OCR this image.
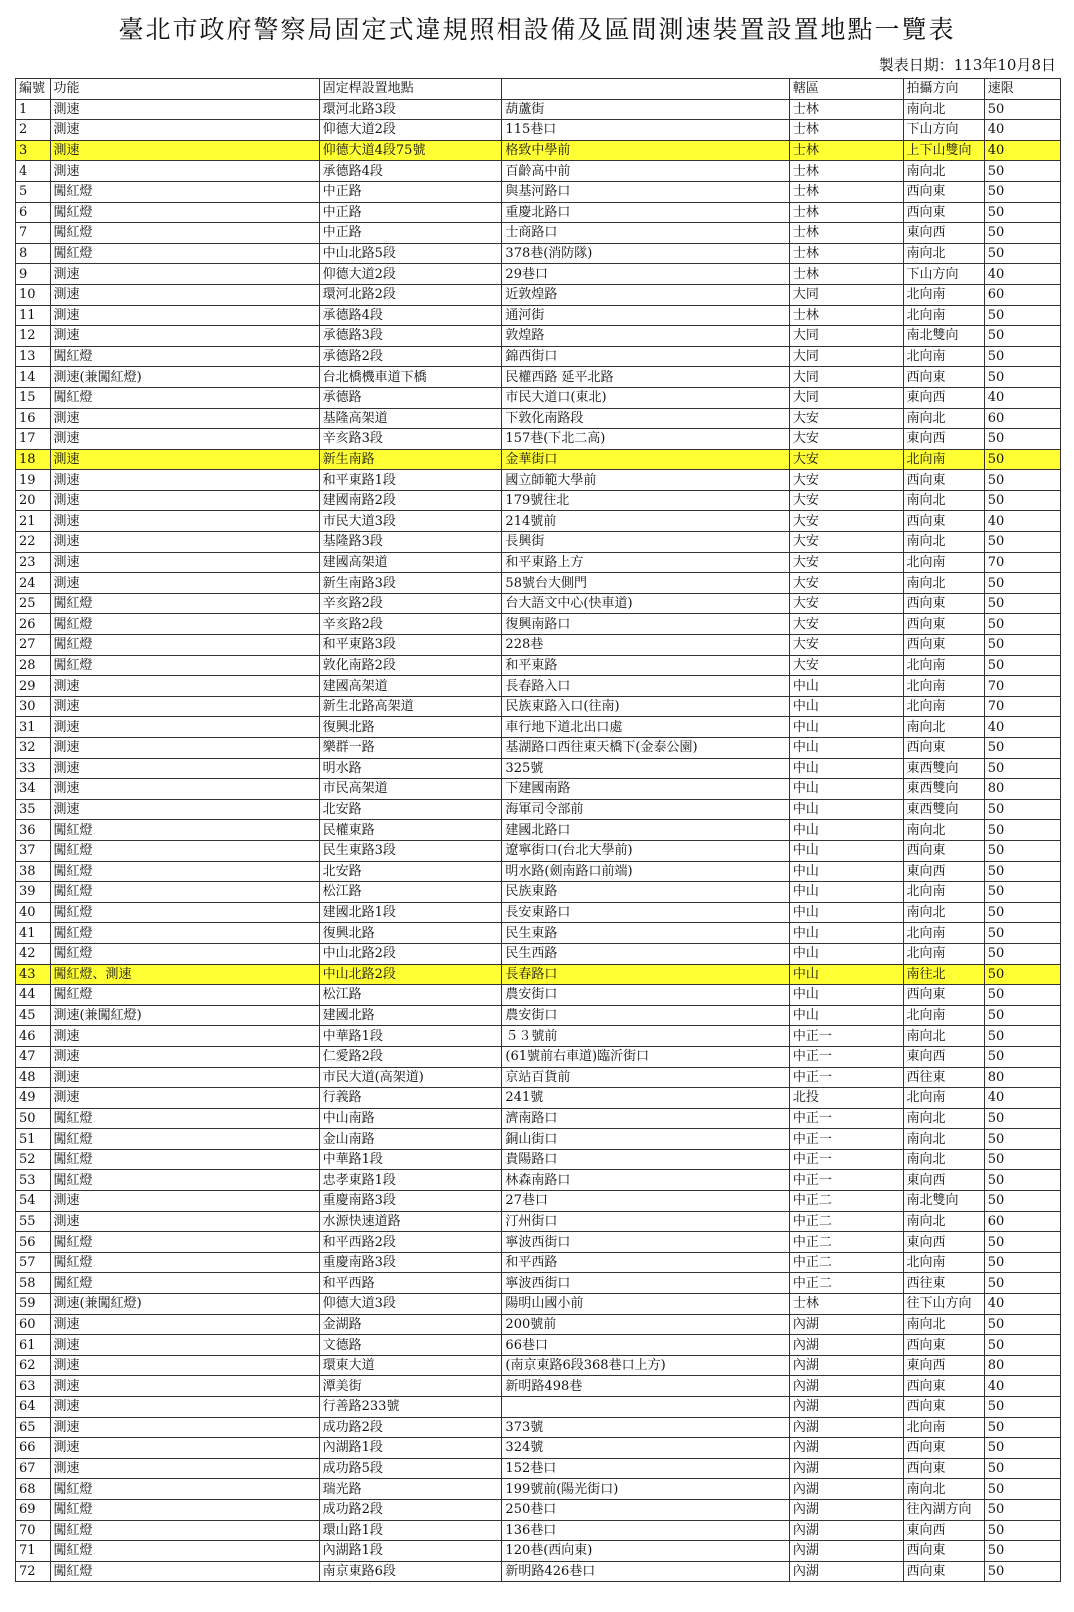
臺北市政府警察局固定式違規照相設備及區間測速裝置設置地點一覽表
製表日期：113年10月8日
編號	功能	固定桿設置地點		轄區	拍攝方向	速限
1	測速	環河北路3段	葫蘆街	士林	南向北	50
2	測速	仰德大道2段	115巷口	士林	下山方向	40
3	測速	仰德大道4段75號	格致中學前	士林	上下山雙向	40
4	測速	承德路4段	百齡高中前	士林	南向北	50
5	闖紅燈	中正路	與基河路口	士林	西向東	50
6	闖紅燈	中正路	重慶北路口	士林	西向東	50
7	闖紅燈	中正路	士商路口	士林	東向西	50
8	闖紅燈	中山北路5段	378巷(消防隊)	士林	南向北	50
9	測速	仰德大道2段	29巷口	士林	下山方向	40
10	測速	環河北路2段	近敦煌路	大同	北向南	60
11	測速	承德路4段	通河街	士林	北向南	50
12	測速	承德路3段	敦煌路	大同	南北雙向	50
13	闖紅燈	承德路2段	錦西街口	大同	北向南	50
14	測速(兼闖紅燈)	台北橋機車道下橋	民權西路 延平北路	大同	西向東	50
15	闖紅燈	承德路	市民大道口(東北)	大同	東向西	40
16	測速	基隆高架道	下敦化南路段	大安	南向北	60
17	測速	辛亥路3段	157巷(下北二高)	大安	東向西	50
18	測速	新生南路	金華街口	大安	北向南	50
19	測速	和平東路1段	國立師範大學前	大安	西向東	50
20	測速	建國南路2段	179號往北	大安	南向北	50
21	測速	市民大道3段	214號前	大安	西向東	40
22	測速	基隆路3段	長興街	大安	南向北	50
23	測速	建國高架道	和平東路上方	大安	北向南	70
24	測速	新生南路3段	58號台大側門	大安	南向北	50
25	闖紅燈	辛亥路2段	台大語文中心(快車道)	大安	西向東	50
26	闖紅燈	辛亥路2段	復興南路口	大安	西向東	50
27	闖紅燈	和平東路3段	228巷	大安	西向東	50
28	闖紅燈	敦化南路2段	和平東路	大安	北向南	50
29	測速	建國高架道	長春路入口	中山	北向南	70
30	測速	新生北路高架道	民族東路入口(往南)	中山	北向南	70
31	測速	復興北路	車行地下道北出口處	中山	南向北	40
32	測速	樂群一路	基湖路口西往東天橋下(金泰公園)	中山	西向東	50
33	測速	明水路	325號	中山	東西雙向	50
34	測速	市民高架道	下建國南路	中山	東西雙向	80
35	測速	北安路	海軍司令部前	中山	東西雙向	50
36	闖紅燈	民權東路	建國北路口	中山	南向北	50
37	闖紅燈	民生東路3段	遼寧街口(台北大學前)	中山	西向東	50
38	闖紅燈	北安路	明水路(劍南路口前端)	中山	東向西	50
39	闖紅燈	松江路	民族東路	中山	北向南	50
40	闖紅燈	建國北路1段	長安東路口	中山	南向北	50
41	闖紅燈	復興北路	民生東路	中山	北向南	50
42	闖紅燈	中山北路2段	民生西路	中山	北向南	50
43	闖紅燈、測速	中山北路2段	長春路口	中山	南往北	50
44	闖紅燈	松江路	農安街口	中山	西向東	50
45	測速(兼闖紅燈)	建國北路	農安街口	中山	北向南	50
46	測速	中華路1段	５３號前	中正一	南向北	50
47	測速	仁愛路2段	(61號前右車道)臨沂街口	中正一	東向西	50
48	測速	市民大道(高架道)	京站百貨前	中正一	西往東	80
49	測速	行義路	241號	北投	北向南	40
50	闖紅燈	中山南路	濟南路口	中正一	南向北	50
51	闖紅燈	金山南路	銅山街口	中正一	南向北	50
52	闖紅燈	中華路1段	貴陽路口	中正一	南向北	50
53	闖紅燈	忠孝東路1段	林森南路口	中正一	東向西	50
54	測速	重慶南路3段	27巷口	中正二	南北雙向	50
55	測速	水源快速道路	汀州街口	中正二	南向北	60
56	闖紅燈	和平西路2段	寧波西街口	中正二	東向西	50
57	闖紅燈	重慶南路3段	和平西路	中正二	北向南	50
58	闖紅燈	和平西路	寧波西街口	中正二	西往東	50
59	測速(兼闖紅燈)	仰德大道3段	陽明山國小前	士林	往下山方向	40
60	測速	金湖路	200號前	內湖	南向北	50
61	測速	文德路	66巷口	內湖	西向東	50
62	測速	環東大道	(南京東路6段368巷口上方)	內湖	東向西	80
63	測速	潭美街	新明路498巷	內湖	西向東	40
64	測速	行善路233號		內湖	西向東	50
65	測速	成功路2段	373號	內湖	北向南	50
66	測速	內湖路1段	324號	內湖	西向東	50
67	測速	成功路5段	152巷口	內湖	西向東	50
68	闖紅燈	瑞光路	199號前(陽光街口)	內湖	南向北	50
69	闖紅燈	成功路2段	250巷口	內湖	往內湖方向	50
70	闖紅燈	環山路1段	136巷口	內湖	東向西	50
71	闖紅燈	內湖路1段	120巷(西向東)	內湖	西向東	50
72	闖紅燈	南京東路6段	新明路426巷口	內湖	西向東	50
